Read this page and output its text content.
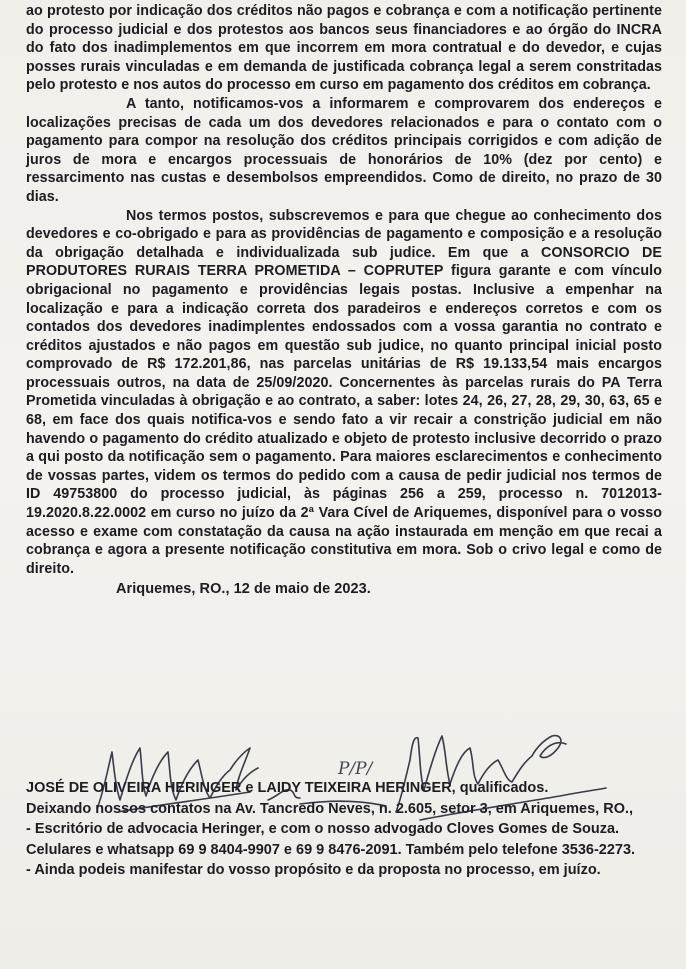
ao protesto por indicação dos créditos não pagos e cobrança e com a notificação pertinente do processo judicial e dos protestos aos bancos seus financiadores e ao órgão do INCRA do fato dos inadimplementos em que incorrem em mora contratual e do devedor, e cujas posses rurais vinculadas e em demanda de justificada cobrança legal a serem constritadas pelo protesto e nos autos do processo em curso em pagamento dos créditos em cobrança.

A tanto, notificamos-vos a informarem e comprovarem dos endereços e localizações precisas de cada um dos devedores relacionados e para o contato com o pagamento para compor na resolução dos créditos principais corrigidos e com adição de juros de mora e encargos processuais de honorários de 10% (dez por cento) e ressarcimento nas custas e desembolsos empreendidos. Como de direito, no prazo de 30 dias.

Nos termos postos, subscrevemos e para que chegue ao conhecimento dos devedores e co-obrigado e para as providências de pagamento e composição e a resolução da obrigação detalhada e individualizada sub judice. Em que a CONSORCIO DE PRODUTORES RURAIS TERRA PROMETIDA – COPRUTEP figura garante e com vínculo obrigacional no pagamento e providências legais postas. Inclusive a empenhar na localização e para a indicação correta dos paradeiros e endereços corretos e com os contados dos devedores inadimplentes endossados com a vossa garantia no contrato e créditos ajustados e não pagos em questão sub judice, no quanto principal inicial posto comprovado de R$ 172.201,86, nas parcelas unitárias de R$ 19.133,54 mais encargos processuais outros, na data de 25/09/2020. Concernentes às parcelas rurais do PA Terra Prometida vinculadas à obrigação e ao contrato, a saber: lotes 24, 26, 27, 28, 29, 30, 63, 65 e 68, em face dos quais notifica-vos e sendo fato a vir recair a constrição judicial em não havendo o pagamento do crédito atualizado e objeto de protesto inclusive decorrido o prazo a qui posto da notificação sem o pagamento. Para maiores esclarecimentos e conhecimento de vossas partes, videm os termos do pedido com a causa de pedir judicial nos termos de ID 49753800 do processo judicial, às páginas 256 a 259, processo n. 7012013-19.2020.8.22.0002 em curso no juízo da 2ª Vara Cível de Ariquemes, disponível para o vosso acesso e exame com constatação da causa na ação instaurada em menção em que recai a cobrança e agora a presente notificação constitutiva em mora. Sob o crivo legal e como de direito.

Ariquemes, RO., 12 de maio de 2023.

JOSÉ DE OLIVEIRA HERINGER e LAIDY TEIXEIRA HERINGER, qualificados.

Deixando nossos contatos na Av. Tancredo Neves, n. 2.605, setor 3, em Ariquemes, RO.,

- Escritório de advocacia Heringer, e com o nosso advogado Cloves Gomes de Souza.

Celulares e whatsapp 69 9 8404-9907 e 69 9 8476-2091. Também pelo telefone 3536-2273.

- Ainda podeis manifestar do vosso propósito e da proposta no processo, em juízo.

P/P/
